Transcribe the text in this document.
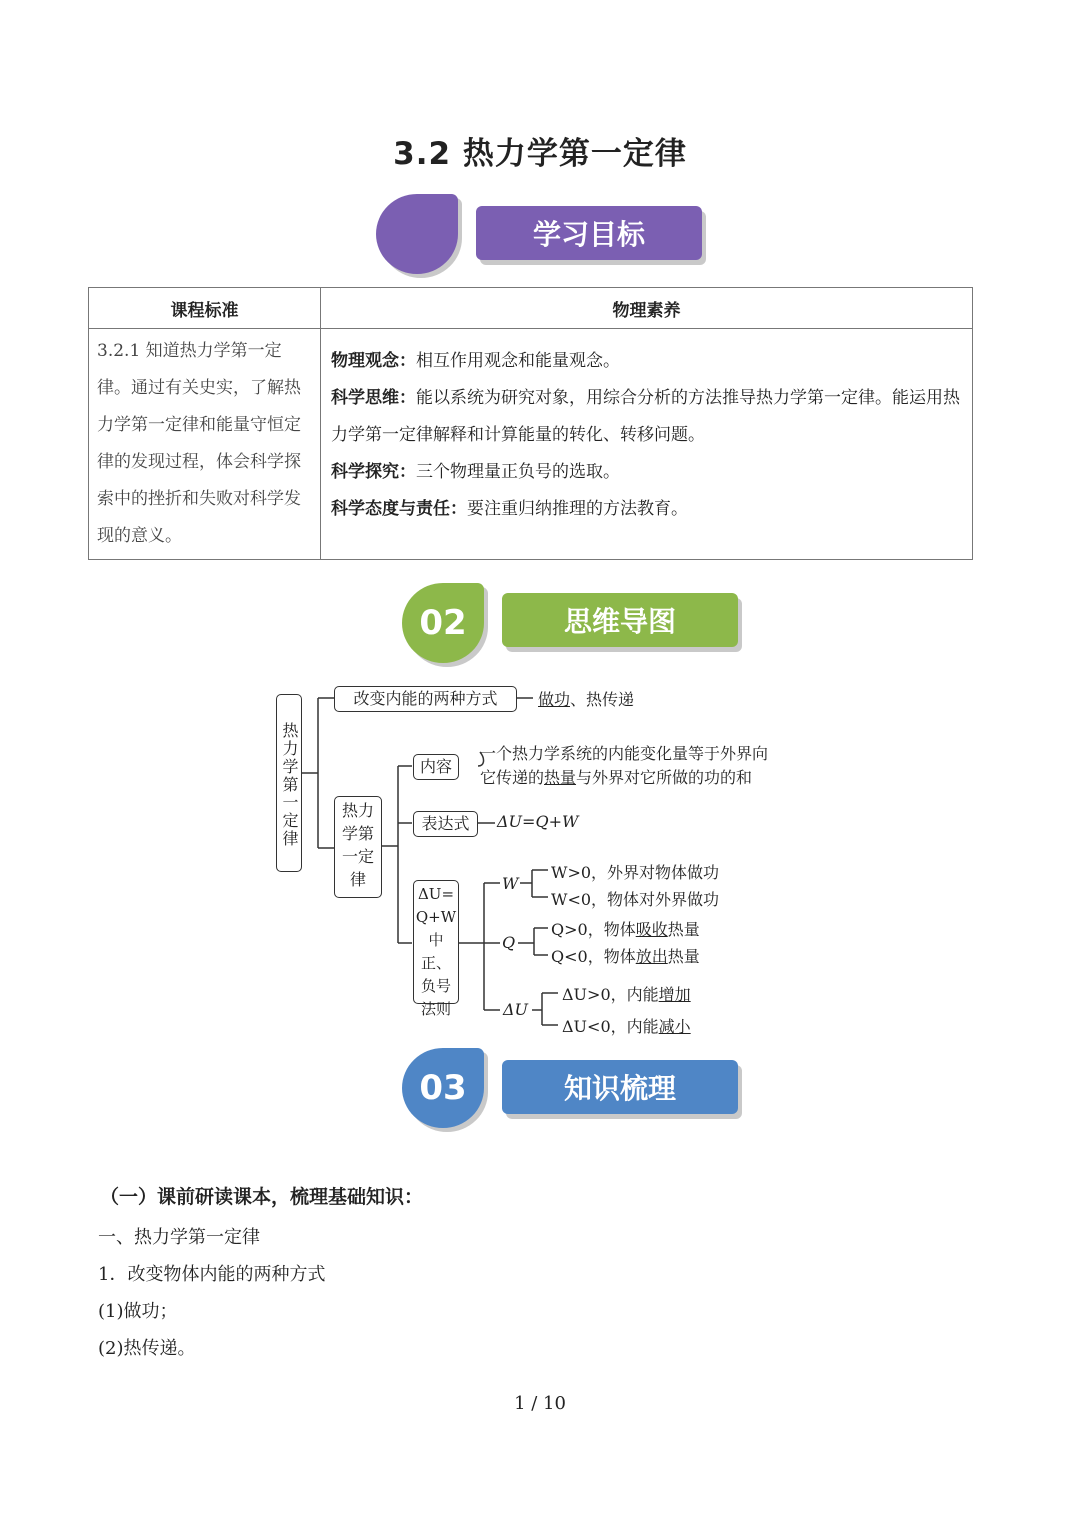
3.2 热力学第一定律
学习目标
课程标准	物理素养
3.2.1 知道热力学第一定律。通过有关史实，了解热力学第一定律和能量守恒定律的发现过程，体会科学探索中的挫折和失败对科学发现的意义。	物理观念：相互作用观念和能量观念。
科学思维：能以系统为研究对象，用综合分析的方法推导热力学第一定律。能运用热力学第一定律解释和计算能量的转化、转移问题。
科学探究：三个物理量正负号的选取。
科学态度与责任：要注重归纳推理的方法教育。
02	思维导图
热力学第一定律
改变内能的两种方式	做功、热传递
热力学第一定律
内容
一个热力学系统的内能变化量等于外界向
它传递的热量与外界对它所做的功的和
表达式	ΔU=Q+W
ΔU=Q+W中正、负号法则
W
W>0，外界对物体做功
W<0，物体对外界做功
Q
Q>0，物体吸收热量
Q<0，物体放出热量
ΔU
ΔU>0，内能增加
ΔU<0，内能减小
03	知识梳理
（一）课前研读课本，梳理基础知识：
一、热力学第一定律
1．改变物体内能的两种方式
(1)做功；
(2)热传递。
1 / 10
